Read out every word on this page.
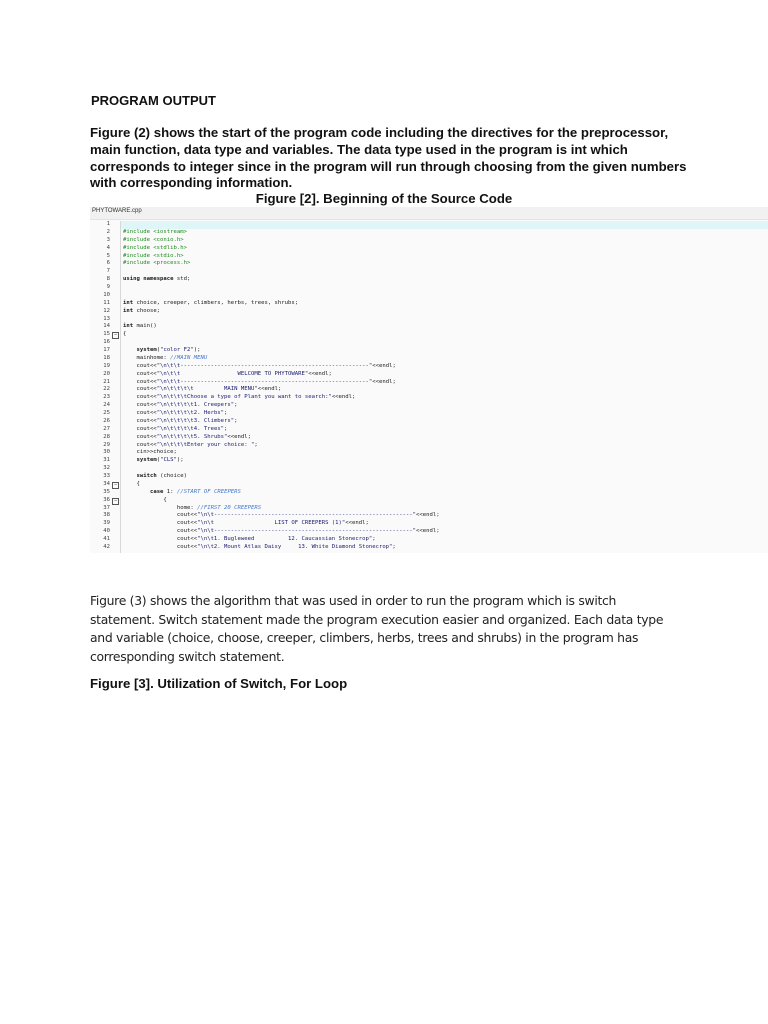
PROGRAM OUTPUT
Figure (2) shows the start of the program code including the directives for the preprocessor, main function, data type and variables. The data type used in the program is int which corresponds to integer since in the program will run through choosing from the given numbers with corresponding information.
Figure [2]. Beginning of the Source Code
PHYTOWARE.cpp
1
2 #include <iostream>
3 #include <conio.h>
4 #include <stdlib.h>
5 #include <stdio.h>
6 #include <process.h>
7
8 using namespace std;
9
10
11 int choice, creeper, climbers, herbs, trees, shrubs;
12 int choose;
13
14 int main()
15 −	{
16
17	system("color F2");
18 mainhome: //MAIN MENU
19 cout<<"\n\t\t--------------------------------------------------------"<<endl;
20 cout<<"\n\t\t                 WELCOME TO PHYTOWARE"<<endl;
21 cout<<"\n\t\t--------------------------------------------------------"<<endl;
22 cout<<"\n\t\t\t\t         MAIN MENU"<<endl;
23 cout<<"\n\t\t\tChoose a type of Plant you want to search:"<<endl;
24 cout<<"\n\t\t\t\t1. Creepers";
25 cout<<"\n\t\t\t\t2. Herbs";
26 cout<<"\n\t\t\t\t3. Climbers";
27 cout<<"\n\t\t\t\t4. Trees";
28 cout<<"\n\t\t\t\t5. Shrubs"<<endl;
29 cout<<"\n\t\t\tEnter your choice: ";
30 cin>>choice;
31	system("CLS");
32
33	switch (choice)
34 −	{
35	case 1: //START OF CREEPERS
36 −	{
37 home: //FIRST 20 CREEPERS
38 cout<<"\n\t-----------------------------------------------------------"<<endl;
39 cout<<"\n\t                  LIST OF CREEPERS (1)"<<endl;
40 cout<<"\n\t-----------------------------------------------------------"<<endl;
41 cout<<"\n\t1. Bugleweed          12. Caucassian Stonecrop";
42 cout<<"\n\t2. Mount Atlas Daisy     13. White Diamond Stonecrop";
Figure (3) shows the algorithm that was used in order to run the program which is switch statement. Switch statement made the program execution easier and organized. Each data type and variable (choice, choose, creeper, climbers, herbs, trees and shrubs) in the program has corresponding switch statement.
Figure [3]. Utilization of Switch, For Loop
